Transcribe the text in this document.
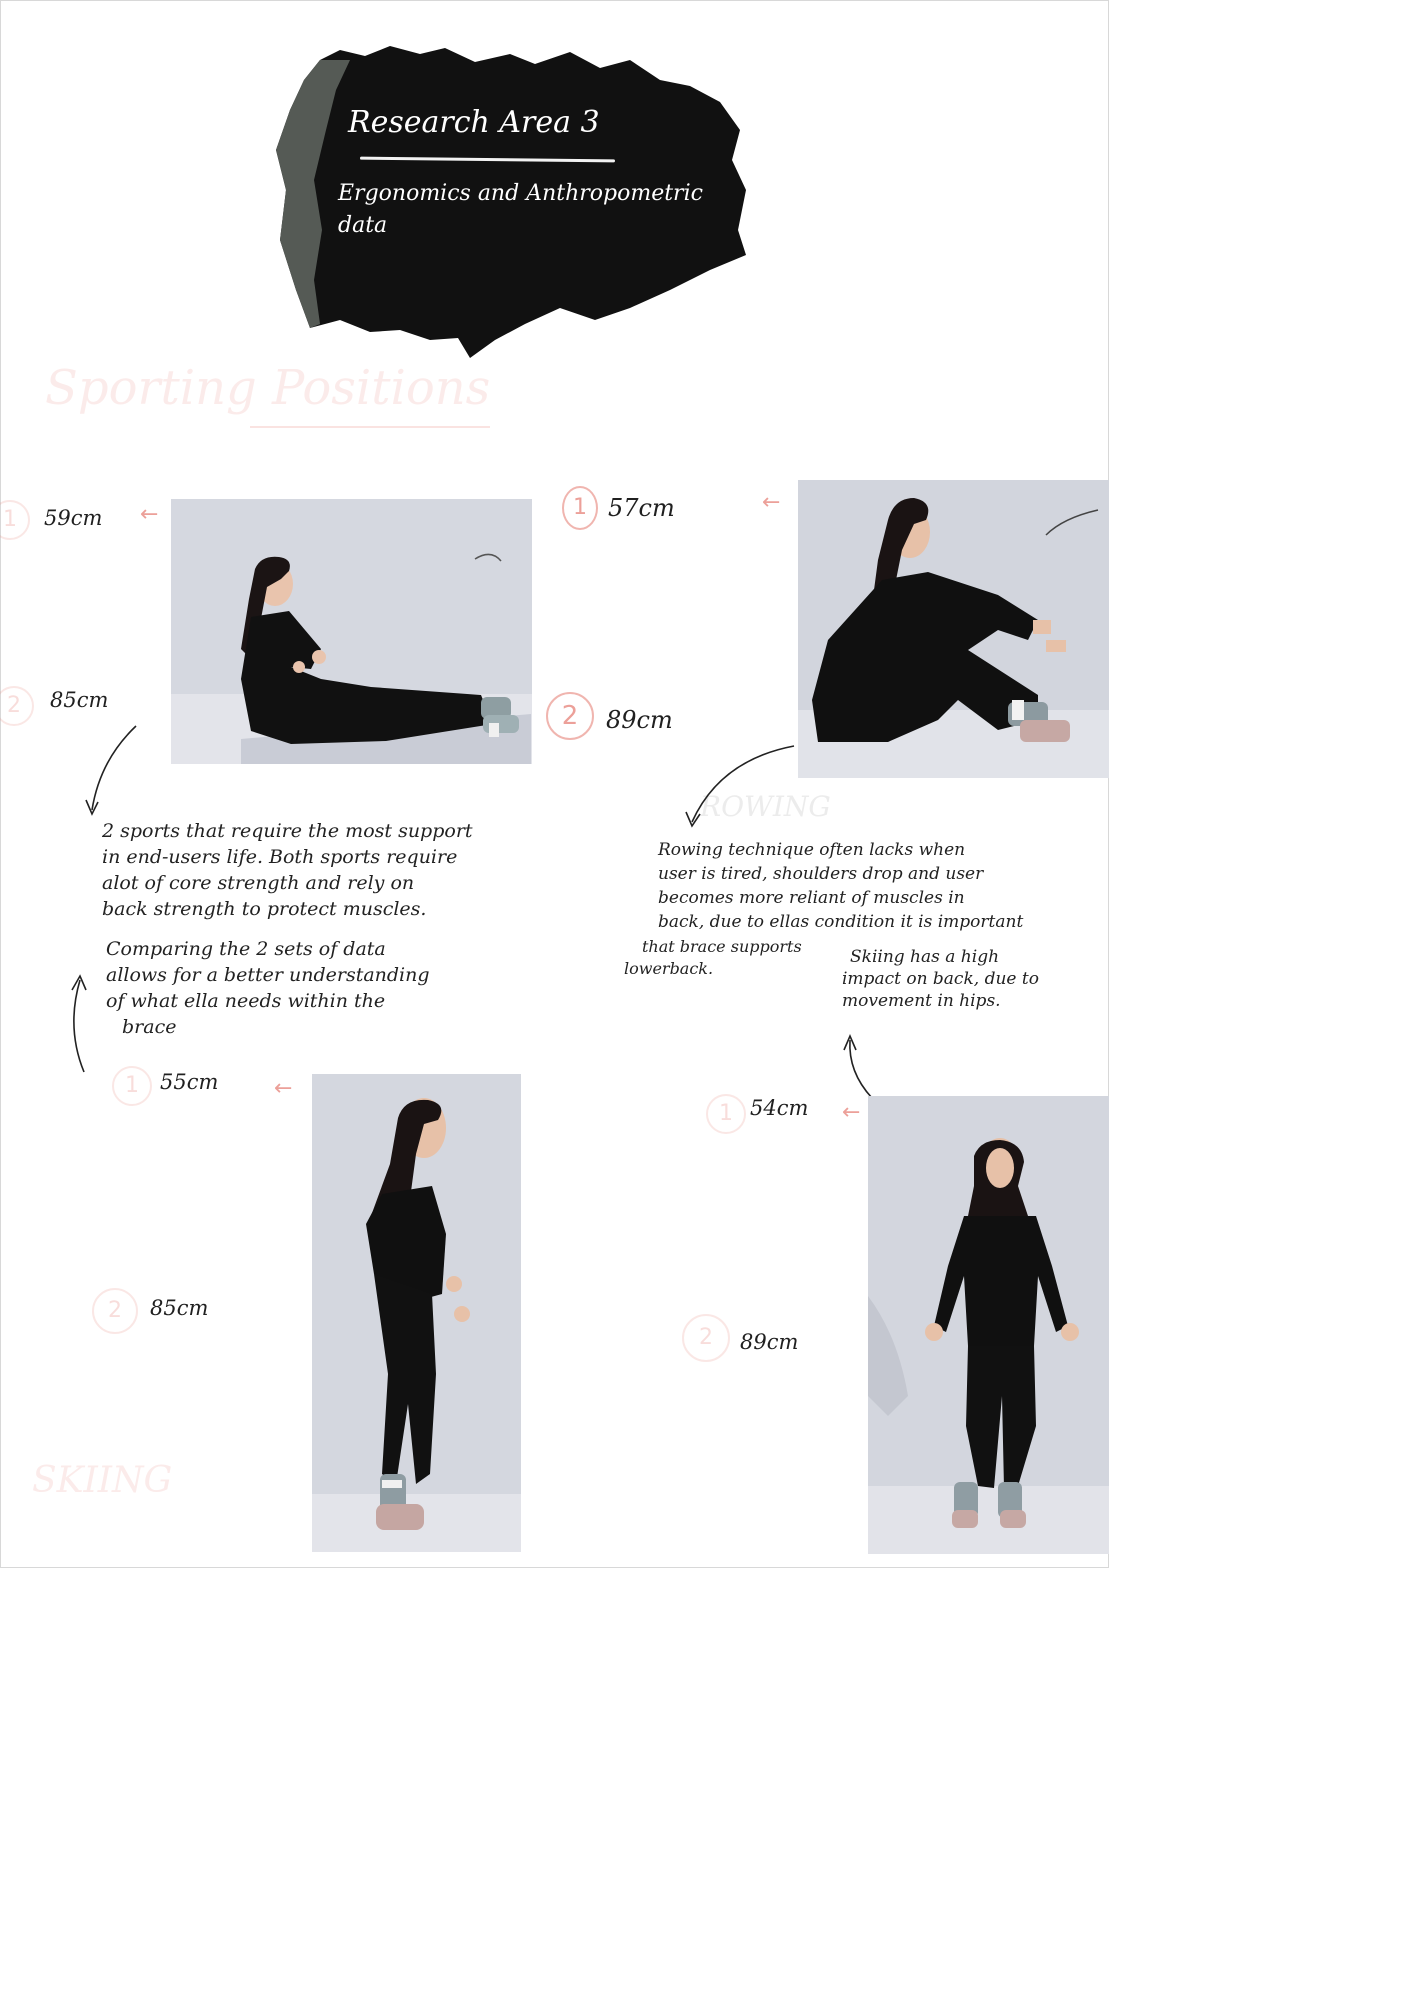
Research Area 3
Ergonomics and Anthropometric data
Sporting Positions
ROWING
SKIING
1	59cm ←
2	85cm
1 57cm	←
2	89cm
2 sports that require the most support
in end-users life. Both sports require
alot of core strength and rely on
back strength to protect muscles.
Comparing the 2 sets of data
allows for a better understanding
of what ella needs within the
brace
Rowing technique often lacks when
user is tired, shoulders drop and user
becomes more reliant of muscles in
back, due to ellas condition it is important
that brace supports
lowerback.
Skiing has a high
impact on back, due to
movement in hips.
1	55cm	←
2	85cm
1 54cm ←
2	89cm
